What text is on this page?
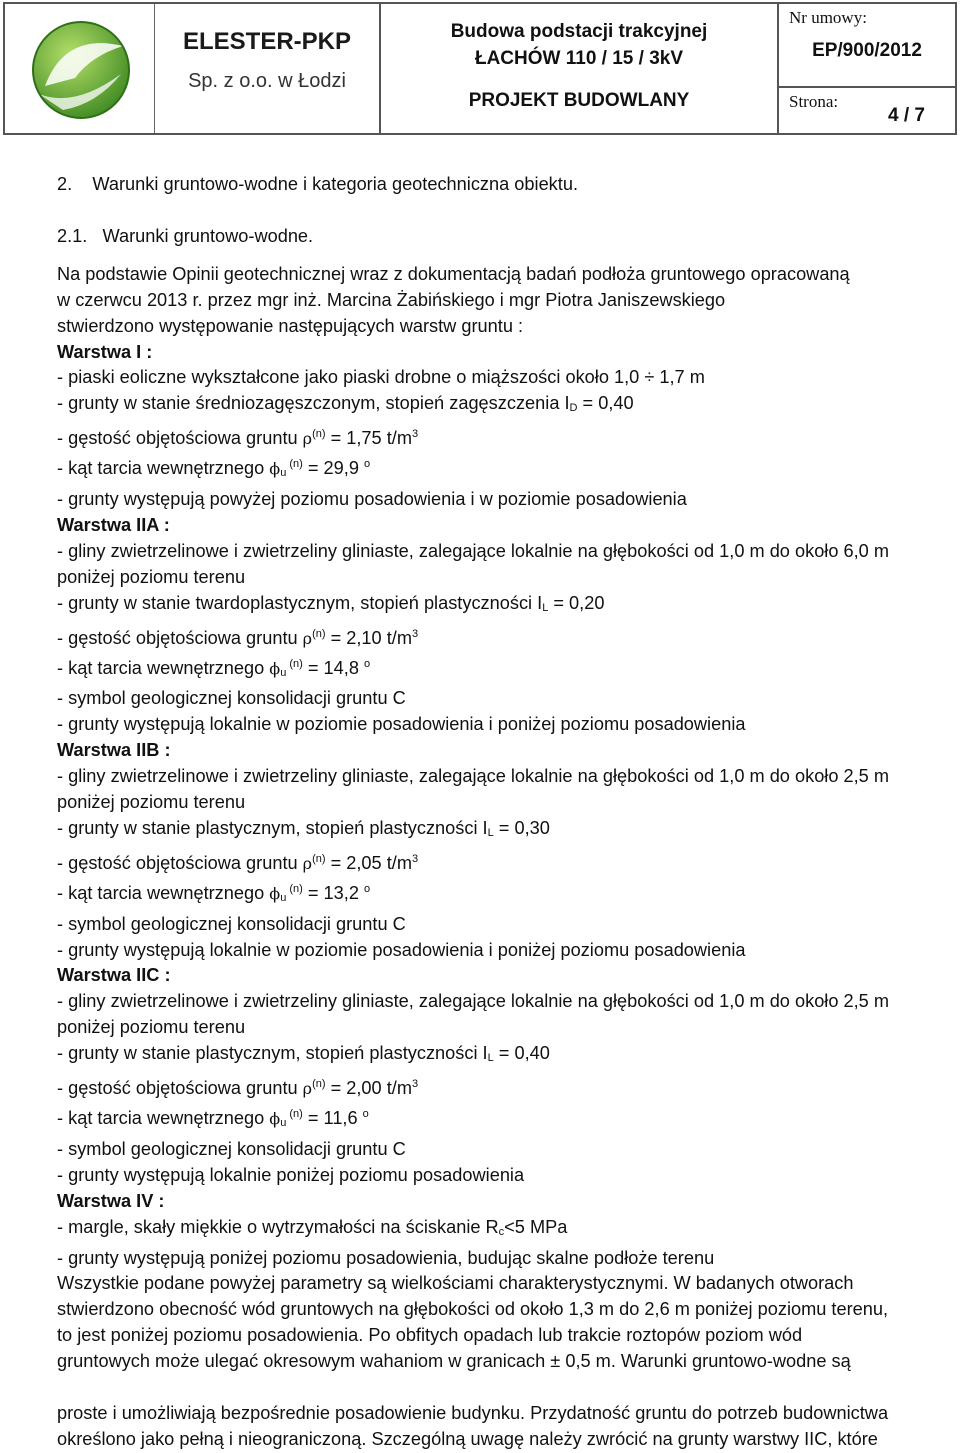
ELESTER-PKP
Sp. z o.o. w Łodzi
Budowa podstacji trakcyjnej
ŁACHÓW 110 / 15 / 3kV
PROJEKT BUDOWLANY
Nr umowy:
EP/900/2012
Strona:
4 / 7

2.    Warunki gruntowo-wodne i kategoria geotechniczna obiektu.

2.1.   Warunki gruntowo-wodne.

Na podstawie Opinii geotechnicznej wraz z dokumentacją badań podłoża gruntowego opracowaną

w czerwcu 2013 r. przez mgr inż. Marcina Żabińskiego i mgr Piotra Janiszewskiego

stwierdzono występowanie następujących warstw gruntu :

Warstwa I :

- piaski eoliczne wykształcone jako piaski drobne o miąższości około 1,0 ÷ 1,7 m

- grunty w stanie średniozagęszczonym, stopień zagęszczenia $I_D = 0,40$

- gęstość objętościowa gruntu $\rho^{(n)} = 1,75$ $t/m^3$

- kąt tarcia wewnętrznego $\phi_u$ $^{(n)}$ = 29,9 $^o$

- grunty występują powyżej poziomu posadowienia i w poziomie posadowienia

Warstwa IIA :

- gliny zwietrzelinowe i zwietrzeliny gliniaste, zalegające lokalnie na głębokości od 1,0 m do około 6,0 m

poniżej poziomu terenu

- grunty w stanie twardoplastycznym, stopień plastyczności $I_L = 0,20$

- gęstość objętościowa gruntu $\rho^{(n)} = 2,10$ $t/m^3$

- kąt tarcia wewnętrznego $\phi_u$ $^{(n)}$ = 14,8 $^o$

- symbol geologicznej konsolidacji gruntu C

- grunty występują lokalnie w poziomie posadowienia i poniżej poziomu posadowienia

Warstwa IIB :

- gliny zwietrzelinowe i zwietrzeliny gliniaste, zalegające lokalnie na głębokości od 1,0 m do około 2,5 m

poniżej poziomu terenu

- grunty w stanie plastycznym, stopień plastyczności $I_L = 0,30$

- gęstość objętościowa gruntu $\rho^{(n)} = 2,05$ $t/m^3$

- kąt tarcia wewnętrznego $\phi_u$ $^{(n)}$ = 13,2 $^o$

- symbol geologicznej konsolidacji gruntu C

- grunty występują lokalnie w poziomie posadowienia i poniżej poziomu posadowienia

Warstwa IIC :

- gliny zwietrzelinowe i zwietrzeliny gliniaste, zalegające lokalnie na głębokości od 1,0 m do około 2,5 m

poniżej poziomu terenu

- grunty w stanie plastycznym, stopień plastyczności $I_L = 0,40$

- gęstość objętościowa gruntu $\rho^{(n)} = 2,00$ $t/m^3$

- kąt tarcia wewnętrznego $\phi_u$ $^{(n)}$ = 11,6 $^o$

- symbol geologicznej konsolidacji gruntu C

- grunty występują lokalnie poniżej poziomu posadowienia

Warstwa IV :

- margle, skały miękkie o wytrzymałości na ściskanie $R_c<5$ MPa

- grunty występują poniżej poziomu posadowienia, budując skalne podłoże terenu

Wszystkie podane powyżej parametry są wielkościami charakterystycznymi. W badanych otworach

stwierdzono obecność wód gruntowych na głębokości od około 1,3 m do 2,6 m poniżej poziomu terenu,

to jest poniżej poziomu posadowienia. Po obfitych opadach lub trakcie roztopów poziom wód

gruntowych może ulegać okresowym wahaniom w granicach ± 0,5 m. Warunki gruntowo-wodne są

proste i umożliwiają bezpośrednie posadowienie budynku. Przydatność gruntu do potrzeb budownictwa

określono jako pełną i nieograniczoną. Szczególną uwagę należy zwrócić na grunty warstwy IIC, które
